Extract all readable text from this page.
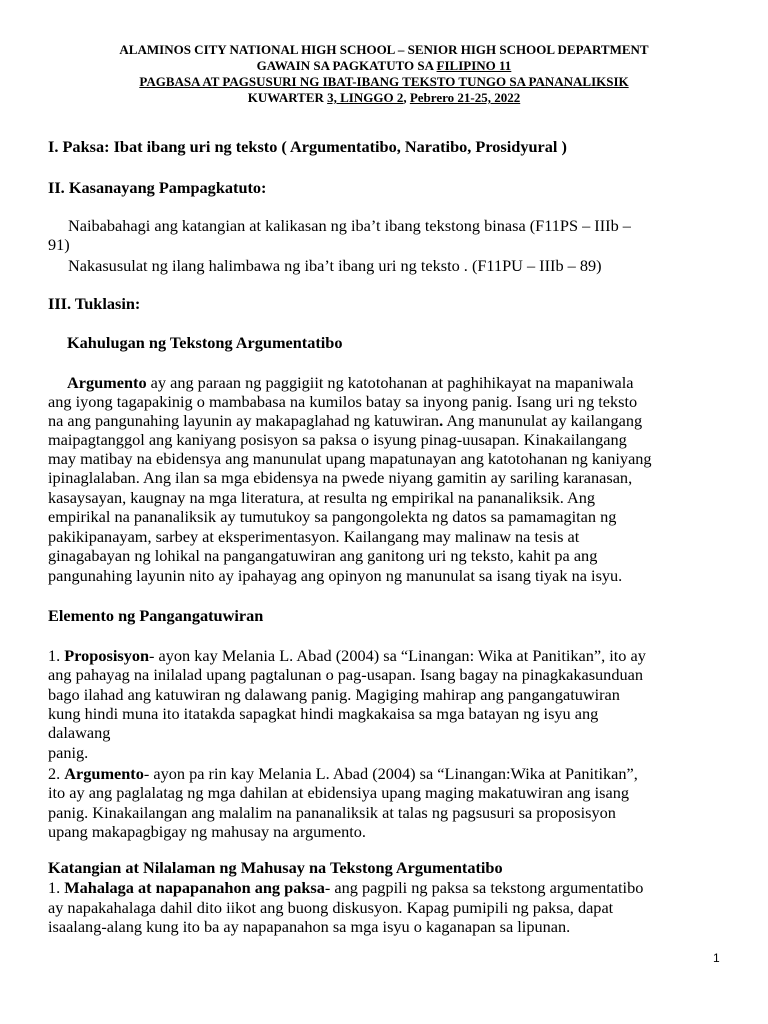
ALAMINOS CITY NATIONAL HIGH SCHOOL – SENIOR HIGH SCHOOL DEPARTMENT
GAWAIN SA PAGKATUTO SA FILIPINO 11
PAGBASA AT PAGSUSURI NG IBAT-IBANG TEKSTO TUNGO SA PANANALIKSIK
KUWARTER 3, LINGGO 2, Pebrero 21-25, 2022
I. Paksa: Ibat ibang uri ng teksto ( Argumentatibo, Naratibo, Prosidyural )
II. Kasanayang Pampagkatuto:
Naibabahagi ang katangian at kalikasan ng iba’t ibang tekstong binasa (F11PS – IIIb –
91)
Nakasusulat ng ilang halimbawa ng iba’t ibang uri ng teksto . (F11PU – IIIb – 89)
III. Tuklasin:
Kahulugan ng Tekstong Argumentatibo
Argumento ay ang paraan ng paggigiit ng katotohanan at paghihikayat na mapaniwala
ang iyong tagapakinig o mambabasa na kumilos batay sa inyong panig. Isang uri ng teksto
na ang pangunahing layunin ay makapaglahad ng katuwiran. Ang manunulat ay kailangang
maipagtanggol ang kaniyang posisyon sa paksa o isyung pinag-uusapan. Kinakailangang
may matibay na ebidensya ang manunulat upang mapatunayan ang katotohanan ng kaniyang
ipinaglalaban. Ang ilan sa mga ebidensya na pwede niyang gamitin ay sariling karanasan,
kasaysayan, kaugnay na mga literatura, at resulta ng empirikal na pananaliksik. Ang
empirikal na pananaliksik ay tumutukoy sa pangongolekta ng datos sa pamamagitan ng
pakikipanayam, sarbey at eksperimentasyon. Kailangang may malinaw na tesis at
ginagabayan ng lohikal na pangangatuwiran ang ganitong uri ng teksto, kahit pa ang
pangunahing layunin nito ay ipahayag ang opinyon ng manunulat sa isang tiyak na isyu.
Elemento ng Pangangatuwiran
1. Proposisyon- ayon kay Melania L. Abad (2004) sa “Linangan: Wika at Panitikan”, ito ay
ang pahayag na inilalad upang pagtalunan o pag-usapan. Isang bagay na pinagkakasunduan
bago ilahad ang katuwiran ng dalawang panig. Magiging mahirap ang pangangatuwiran
kung hindi muna ito itatakda sapagkat hindi magkakaisa sa mga batayan ng isyu ang
dalawang
panig.
2. Argumento- ayon pa rin kay Melania L. Abad (2004) sa “Linangan:Wika at Panitikan”,
ito ay ang paglalatag ng mga dahilan at ebidensiya upang maging makatuwiran ang isang
panig. Kinakailangan ang malalim na pananaliksik at talas ng pagsusuri sa proposisyon
upang makapagbigay ng mahusay na argumento.
Katangian at Nilalaman ng Mahusay na Tekstong Argumentatibo
1. Mahalaga at napapanahon ang paksa- ang pagpili ng paksa sa tekstong argumentatibo
ay napakahalaga dahil dito iikot ang buong diskusyon. Kapag pumipili ng paksa, dapat
isaalang-alang kung ito ba ay napapanahon sa mga isyu o kaganapan sa lipunan.
1
